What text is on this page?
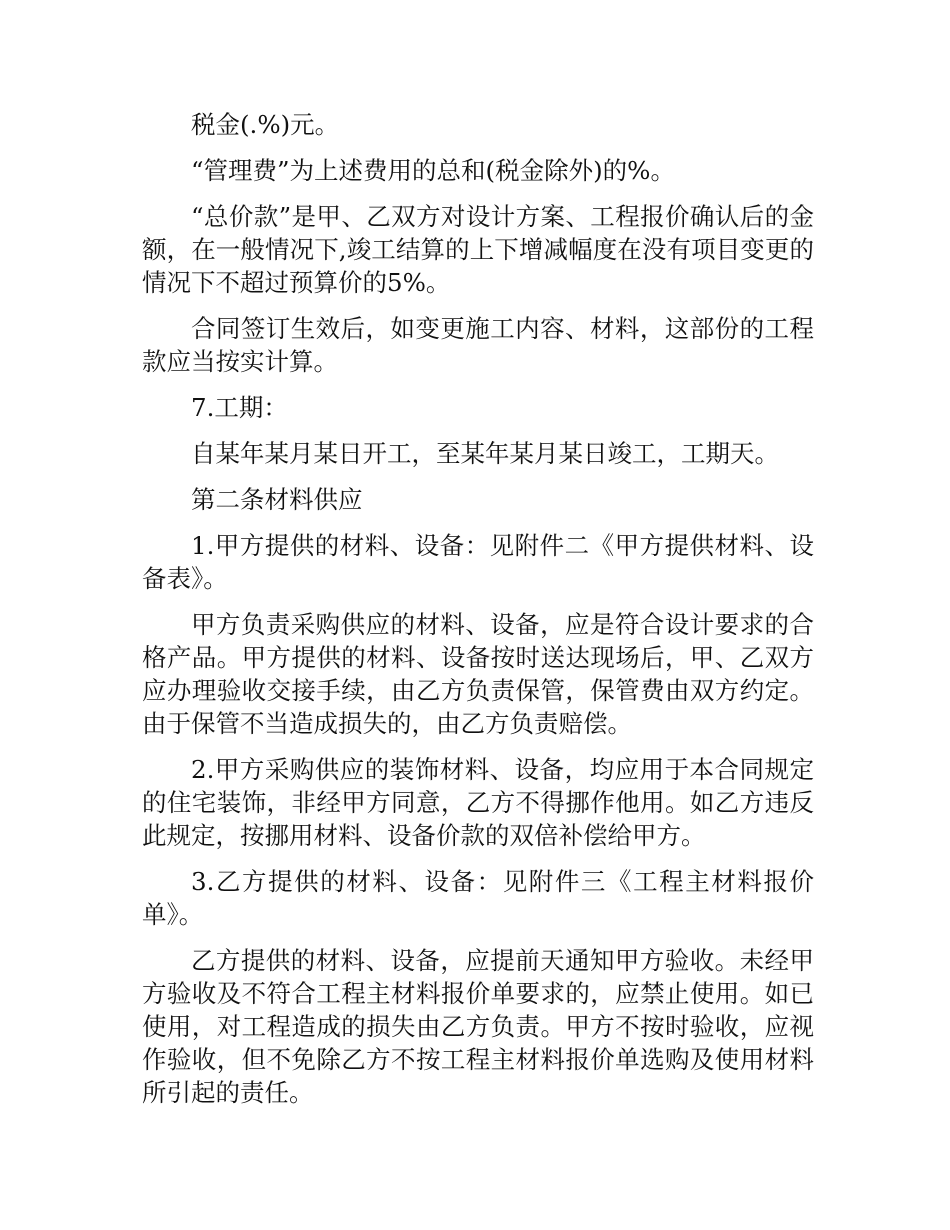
税金(.%)元。

“管理费”为上述费用的总和(税金除外)的%。

“总价款”是甲、乙双方对设计方案、工程报价确认后的金额，在一般情况下,竣工结算的上下增减幅度在没有项目变更的情况下不超过预算价的5%。

合同签订生效后，如变更施工内容、材料，这部份的工程款应当按实计算。

7.工期：

自某年某月某日开工，至某年某月某日竣工，工期天。

第二条材料供应

1.甲方提供的材料、设备：见附件二《甲方提供材料、设备表》。

甲方负责采购供应的材料、设备，应是符合设计要求的合格产品。甲方提供的材料、设备按时送达现场后，甲、乙双方应办理验收交接手续，由乙方负责保管，保管费由双方约定。由于保管不当造成损失的，由乙方负责赔偿。

2.甲方采购供应的装饰材料、设备，均应用于本合同规定的住宅装饰，非经甲方同意，乙方不得挪作他用。如乙方违反此规定，按挪用材料、设备价款的双倍补偿给甲方。

3.乙方提供的材料、设备：见附件三《工程主材料报价单》。

乙方提供的材料、设备，应提前天通知甲方验收。未经甲方验收及不符合工程主材料报价单要求的，应禁止使用。如已使用，对工程造成的损失由乙方负责。甲方不按时验收，应视作验收，但不免除乙方不按工程主材料报价单选购及使用材料所引起的责任。
